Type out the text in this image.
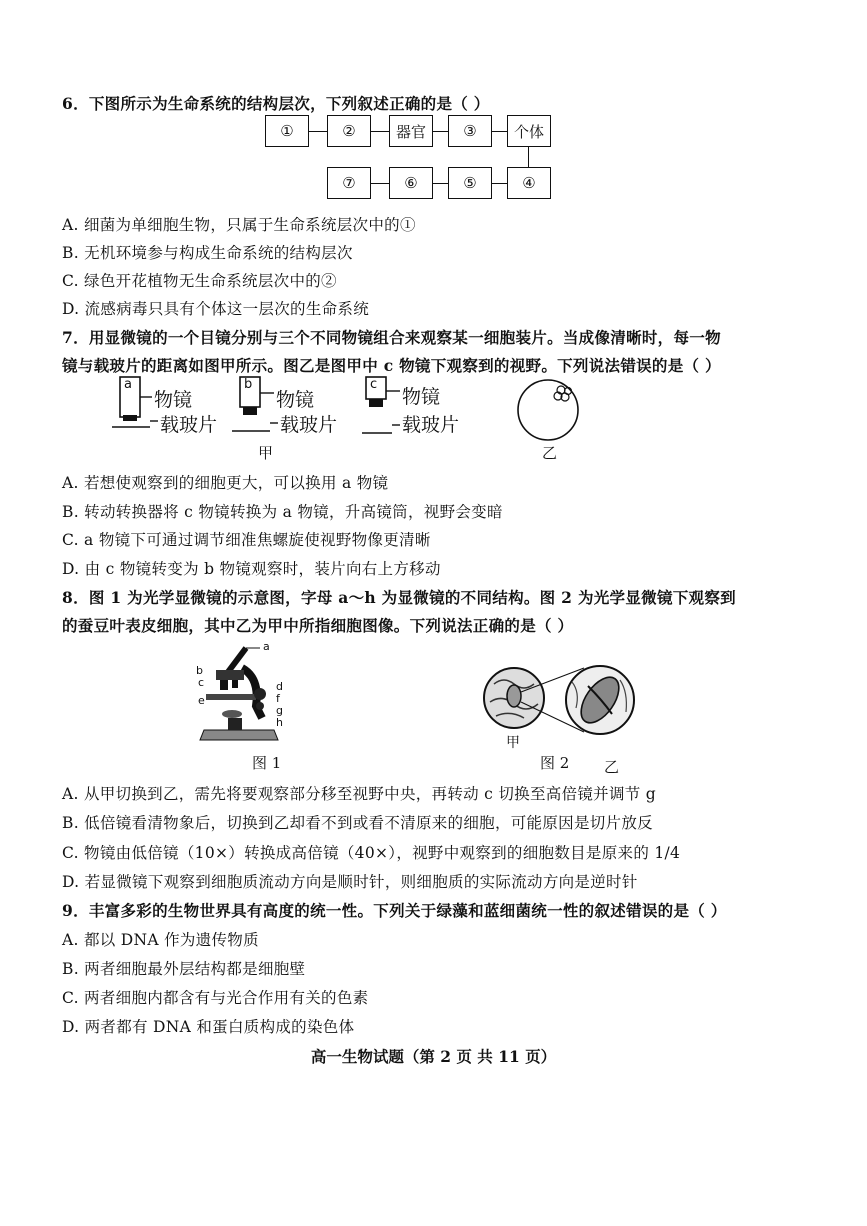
6．下图所示为生命系统的结构层次，下列叙述正确的是（ ）
①	②	器官	③	个体
⑦	⑥	⑤	④
A. 细菌为单细胞生物，只属于生命系统层次中的①
B. 无机环境参与构成生命系统的结构层次
C. 绿色开花植物无生命系统层次中的②
D. 流感病毒只具有个体这一层次的生命系统
7．用显微镜的一个目镜分别与三个不同物镜组合来观察某一细胞装片。当成像清晰时，每一物
镜与载玻片的距离如图甲所示。图乙是图甲中 c 物镜下观察到的视野。下列说法错误的是（ ）
a	b	c
物镜
载玻片
物镜
载玻片
物镜
载玻片
甲	乙
A. 若想使观察到的细胞更大，可以换用 a 物镜
B. 转动转换器将 c 物镜转换为 a 物镜，升高镜筒，视野会变暗
C. a 物镜下可通过调节细准焦螺旋使视野物像更清晰
D. 由 c 物镜转变为 b 物镜观察时，装片向右上方移动
8．图 1 为光学显微镜的示意图，字母 a～h 为显微镜的不同结构。图 2 为光学显微镜下观察到
的蚕豆叶表皮细胞，其中乙为甲中所指细胞图像。下列说法正确的是（ ）
a
b
c	d
e	f
g
h
图 1
甲
乙
图 2
A. 从甲切换到乙，需先将要观察部分移至视野中央，再转动 c 切换至高倍镜并调节 g
B. 低倍镜看清物象后，切换到乙却看不到或看不清原来的细胞，可能原因是切片放反
C. 物镜由低倍镜（10×）转换成高倍镜（40×），视野中观察到的细胞数目是原来的 1/4
D. 若显微镜下观察到细胞质流动方向是顺时针，则细胞质的实际流动方向是逆时针
9．丰富多彩的生物世界具有高度的统一性。下列关于绿藻和蓝细菌统一性的叙述错误的是（ ）
A. 都以 DNA 作为遗传物质
B. 两者细胞最外层结构都是细胞壁
C. 两者细胞内都含有与光合作用有关的色素
D. 两者都有 DNA 和蛋白质构成的染色体
高一生物试题（第 2 页 共 11 页）
